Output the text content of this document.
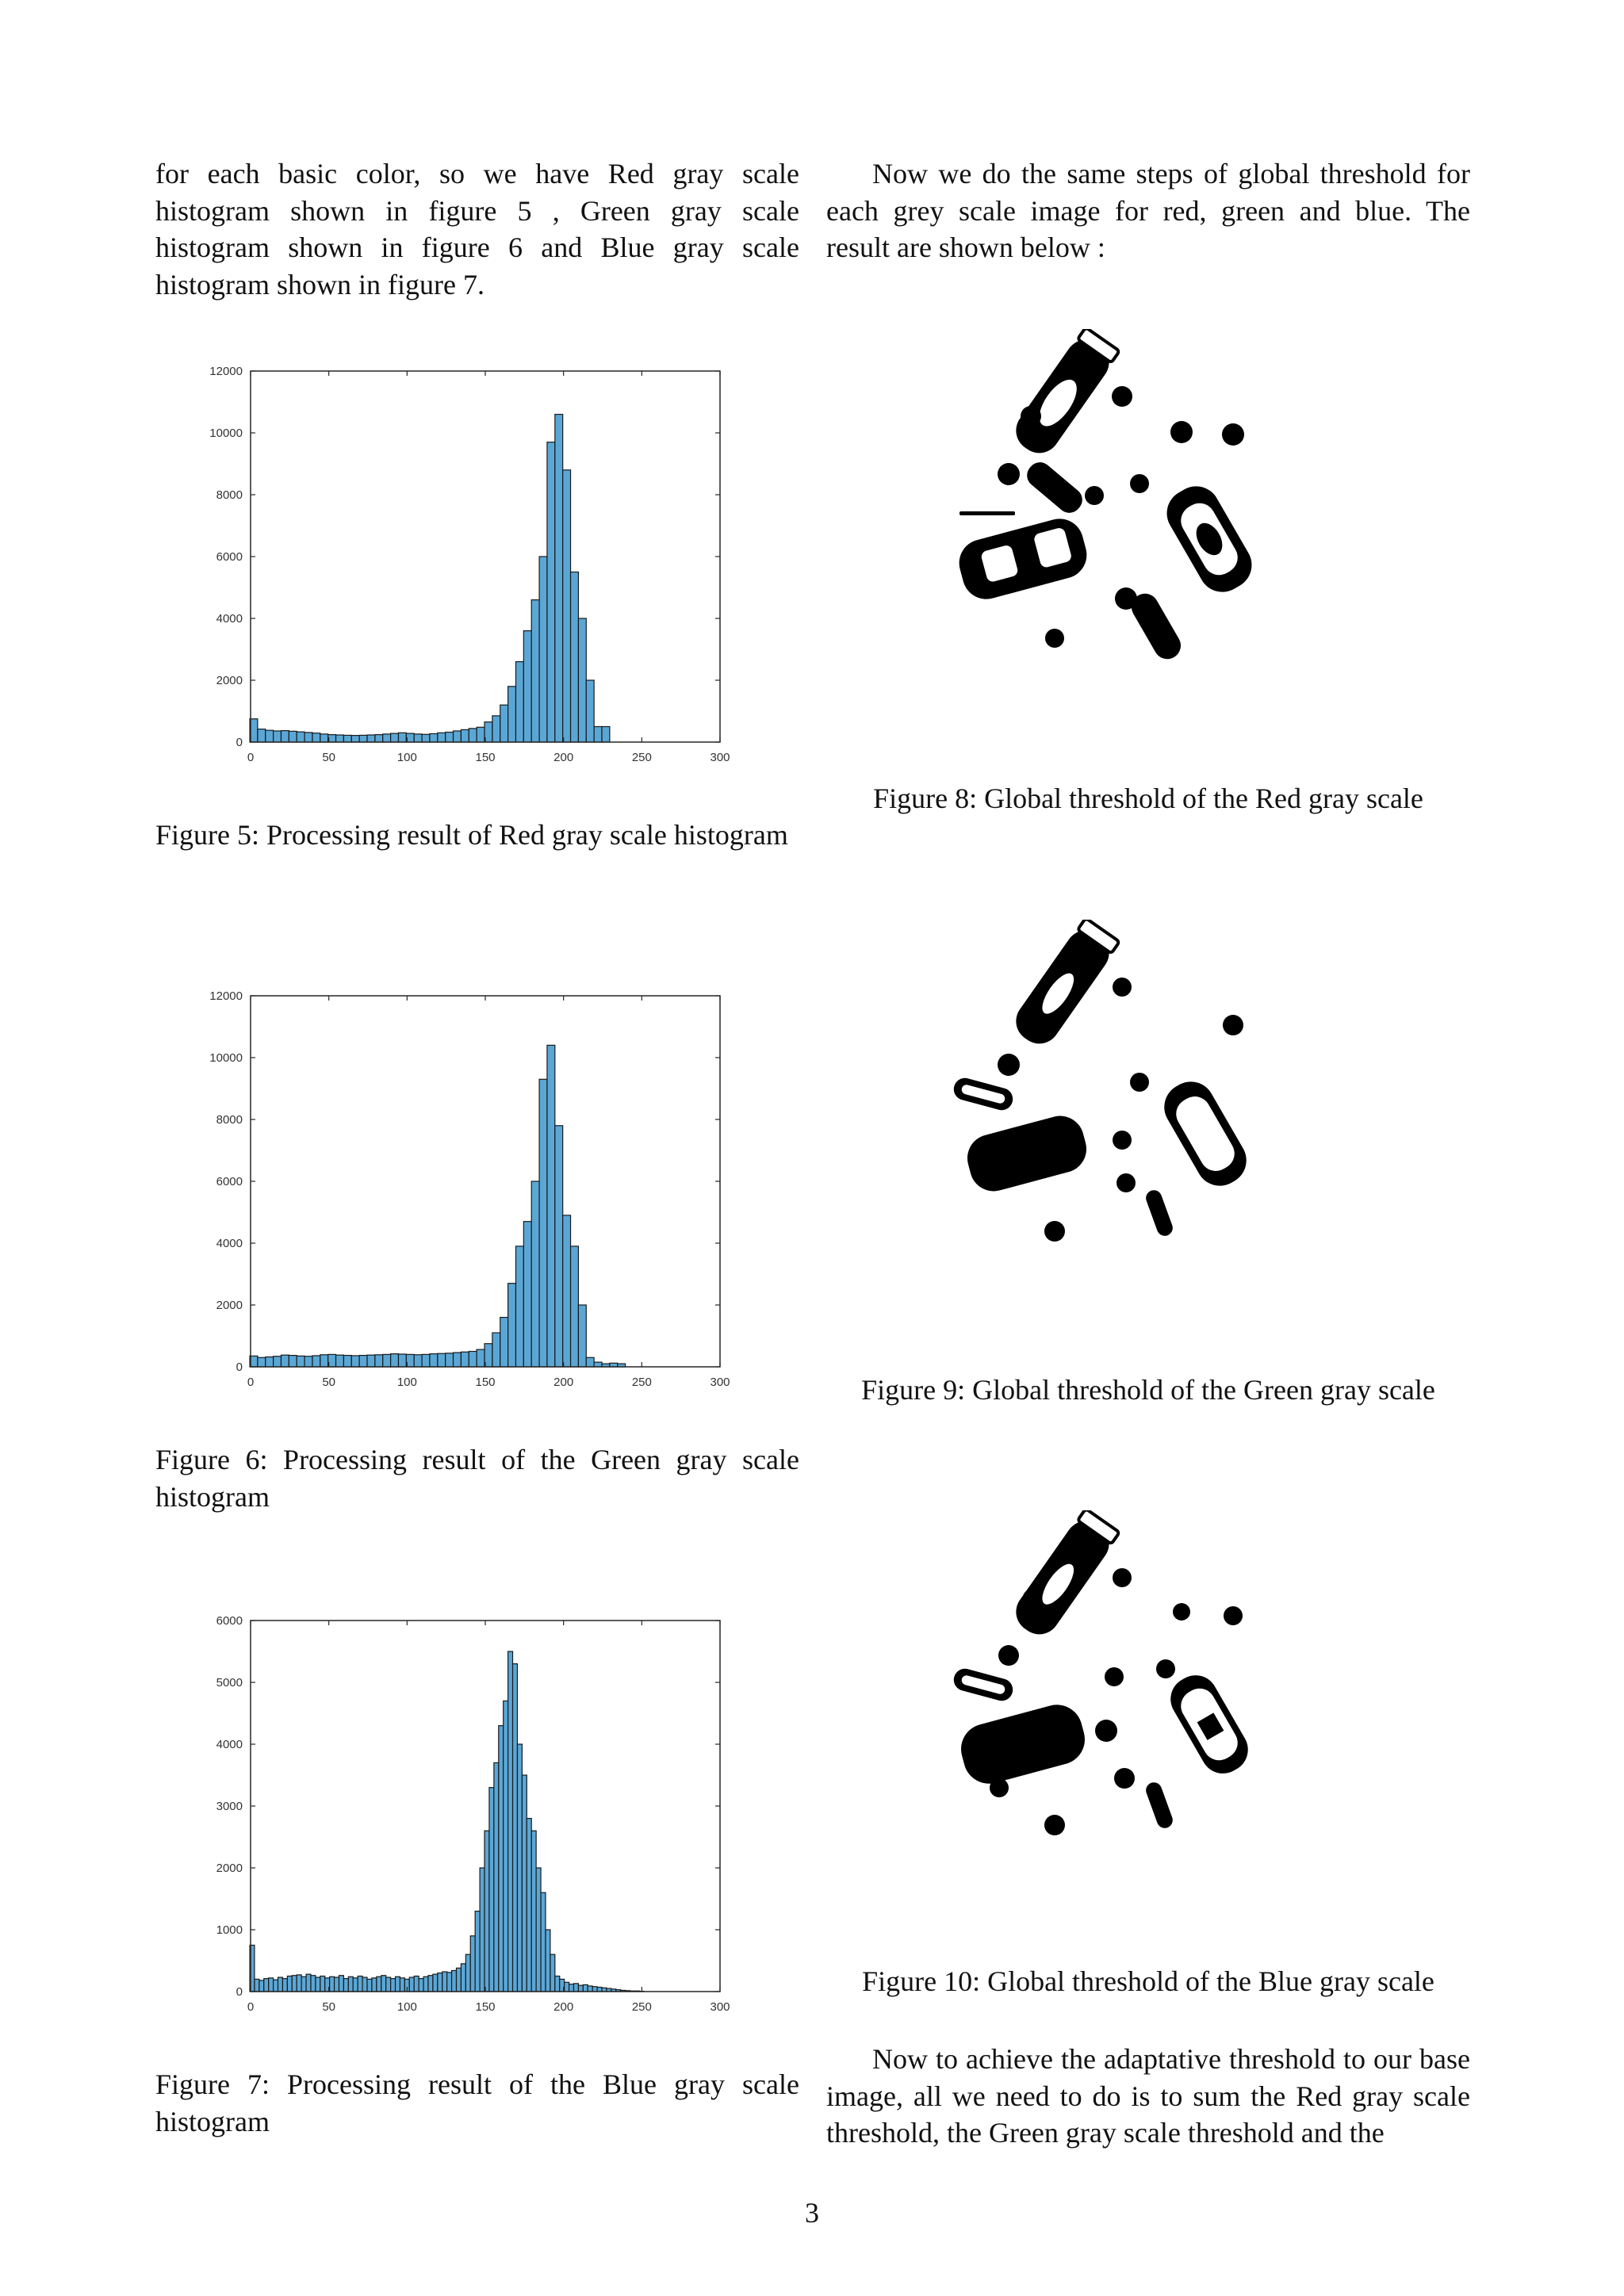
for each basic color, so we have Red gray scale histogram shown in figure 5 , Green gray scale histogram shown in figure 6 and Blue gray scale histogram shown in figure 7.
Now we do the same steps of global threshold for each grey scale image for red, green and blue. The result are shown below :
0	50	100	150	200	250	300
0
2000
4000
6000
8000
10000
12000
Figure 5: Processing result of Red gray scale histogram
0	50	100	150	200	250	300
0
2000
4000
6000
8000
10000
12000
Figure 6: Processing result of the Green gray scale histogram
0	50	100	150	200	250	300
0
1000
2000
3000
4000
5000
6000
Figure 7: Processing result of the Blue gray scale histogram
Figure 8: Global threshold of the Red gray scale
Figure 9: Global threshold of the Green gray scale
Figure 10: Global threshold of the Blue gray scale
Now to achieve the adaptative threshold to our base image, all we need to do is to sum the Red gray scale threshold, the Green gray scale threshold and the
3
